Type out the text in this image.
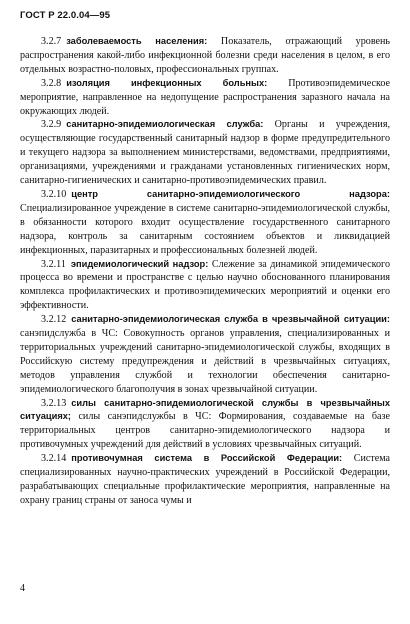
ГОСТ Р 22.0.04—95
3.2.7 заболеваемость населения: Показатель, отражающий уровень распространения какой-либо инфекционной болезни среди населения в целом, в его отдельных возрастно-половых, профессиональных группах.
3.2.8 изоляция инфекционных больных: Противоэпидемическое мероприятие, направленное на недопущение распространения заразного начала на окружающих людей.
3.2.9 санитарно-эпидемиологическая служба: Органы и учреждения, осуществляющие государственный санитарный надзор в форме предупредительного и текущего надзора за выполнением министерствами, ведомствами, предприятиями, организациями, учреждениями и гражданами установленных гигиенических норм, санитарно-гигиенических и санитарно-противоэпидемических правил.
3.2.10 центр санитарно-эпидемиологического надзора: Специализированное учреждение в системе санитарно-эпидемиологической службы, в обязанности которого входит осуществление государственного санитарного надзора, контроль за санитарным состоянием объектов и ликвидацией инфекционных, паразитарных и профессиональных болезней людей.
3.2.11 эпидемиологический надзор: Слежение за динамикой эпидемического процесса во времени и пространстве с целью научно обоснованного планирования комплекса профилактических и противоэпидемических мероприятий и оценки его эффективности.
3.2.12 санитарно-эпидемиологическая служба в чрезвычайной ситуации: санэпидслужба в ЧС: Совокупность органов управления, специализированных и территориальных учреждений санитарно-эпидемиологической службы, входящих в Российскую систему предупреждения и действий в чрезвычайных ситуациях, методов управления службой и технологии обеспечения санитарно-эпидемиологического благополучия в зонах чрезвычайной ситуации.
3.2.13 силы санитарно-эпидемиологической службы в чрезвычайных ситуациях; силы санэпидслужбы в ЧС: Формирования, создаваемые на базе территориальных центров санитарно-эпидемиологического надзора и противочумных учреждений для действий в условиях чрезвычайных ситуаций.
3.2.14 противочумная система в Российской Федерации: Система специализированных научно-практических учреждений в Российской Федерации, разрабатывающих специальные профилактические мероприятия, направленные на охрану границ страны от заноса чумы и
4
